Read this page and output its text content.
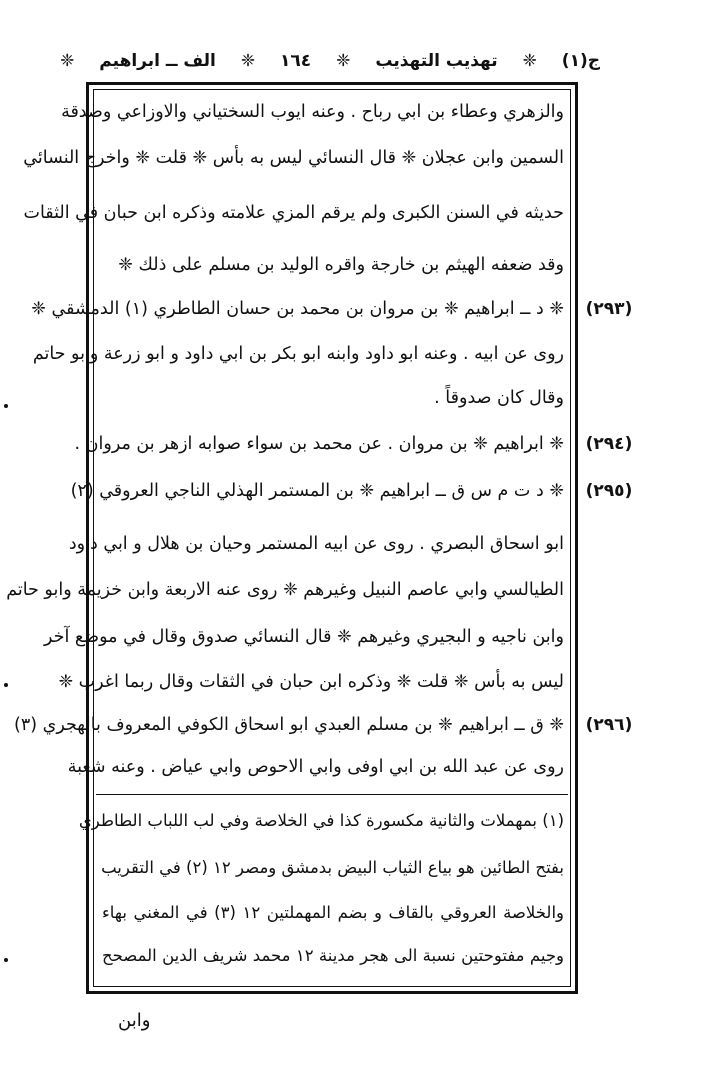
ج(١)
❈
تهذيب التهذيب
❈
١٦٤
❈
الف ــ ابراهيم
❈
والزهري وعطاء بن ابي رباح . وعنه ايوب السختياني والاوزاعي وصدقة
السمين وابن عجلان ❈ قال النسائي ليس به بأس ❈ قلت ❈ واخرج النسائي
حديثه في السنن الكبرى ولم يرقم المزي علامته وذكره ابن حبان في الثقات
وقد ضعفه الهيثم بن خارجة واقره الوليد بن مسلم على ذلك ❈
❈ د ــ ابراهيم ❈ بن مروان بن محمد بن حسان الطاطري (١) الدمشقي ❈
روى عن ابيه . وعنه ابو داود وابنه ابو بكر بن ابي داود و ابو زرعة وابو حاتم
وقال كان صدوقاً .
❈ ابراهيم ❈ بن مروان . عن محمد بن سواء صوابه ازهر بن مروان .
❈ د ت م س ق ــ ابراهيم ❈ بن المستمر الهذلي الناجي العروقي (٢)
ابو اسحاق البصري . روى عن ابيه المستمر وحيان بن هلال و ابي داود
الطيالسي وابي عاصم النبيل وغيرهم ❈ روى عنه الاربعة وابن خزيمة وابو حاتم
وابن ناجيه و البجيري وغيرهم ❈ قال النسائي صدوق وقال في موضع آخر
ليس به بأس ❈ قلت ❈ وذكره ابن حبان في الثقات وقال ربما اغرب ❈
❈ ق ــ ابراهيم ❈ بن مسلم العبدي ابو اسحاق الكوفي المعروف بالهجري (٣)
روى عن عبد الله بن ابي اوفى وابي الاحوص وابي عياض . وعنه شعبة
(٢٩٣)
(٢٩٤)
(٢٩٥)
(٢٩٦)
(١) بمهملات والثانية مكسورة كذا في الخلاصة وفي لب اللباب الطاطري
بفتح الطائين هو بياع الثياب البيض بدمشق ومصر ١٢ (٢) في التقريب
والخلاصة العروقي بالقاف و بضم المهملتين ١٢ (٣) في المغني بهاء
وجيم مفتوحتين نسبة الى هجر مدينة ١٢ محمد شريف الدين المصحح
وابن
